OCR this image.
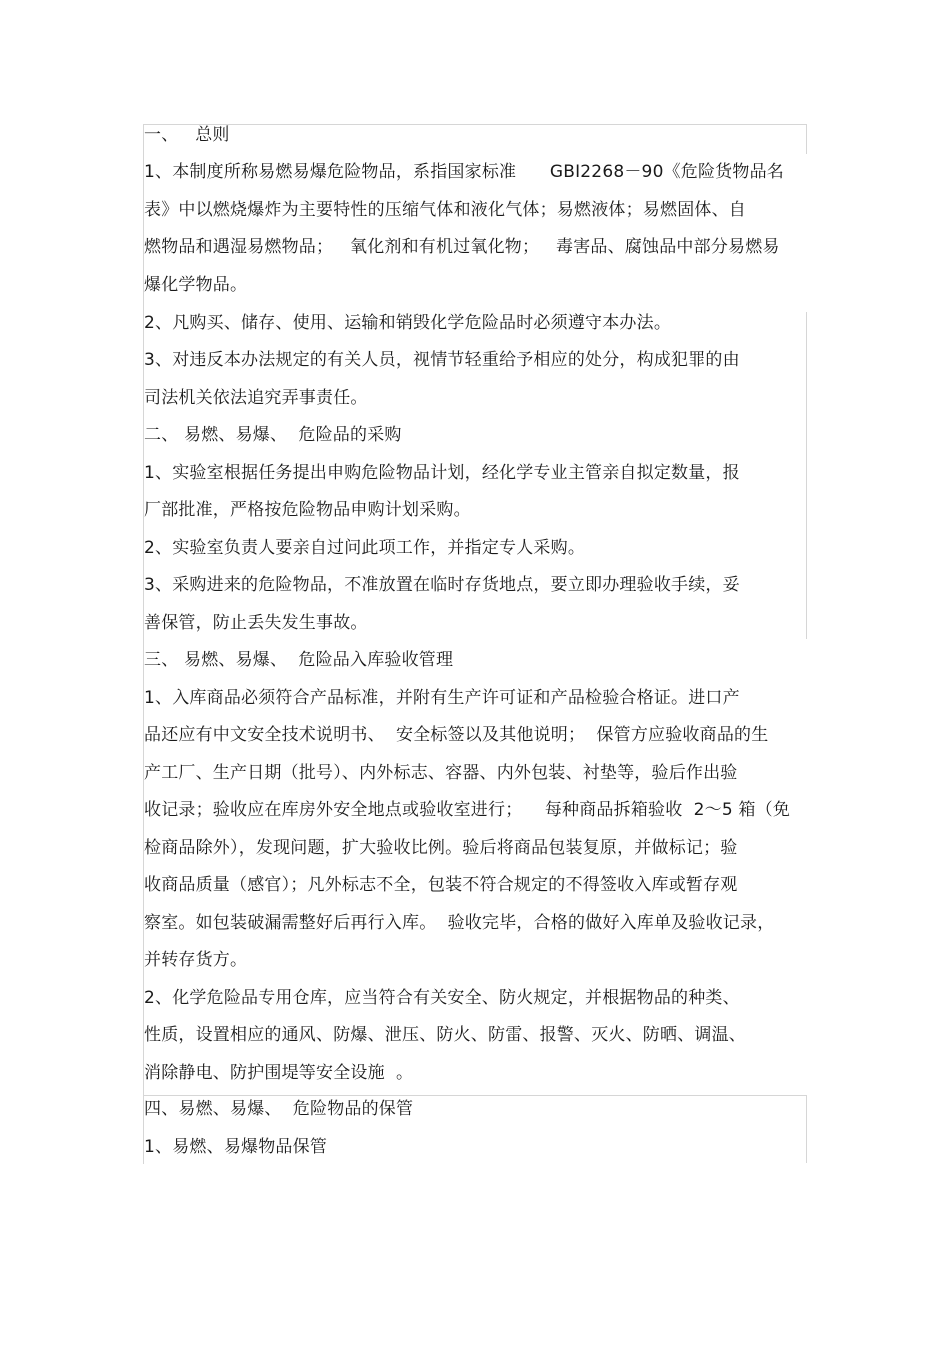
一、   总则
1、本制度所称易燃易爆危险物品，系指国家标准      GBI2268－90《危险货物品名
表》中以燃烧爆炸为主要特性的压缩气体和液化气体；易燃液体；易燃固体、自
燃物品和遇湿易燃物品；   氧化剂和有机过氧化物；   毒害品、腐蚀品中部分易燃易
爆化学物品。
2、凡购买、储存、使用、运输和销毁化学危险品时必须遵守本办法。
3、对违反本办法规定的有关人员，视情节轻重给予相应的处分，构成犯罪的由
司法机关依法追究弄事责任。
二、 易燃、易爆、  危险品的采购
1、实验室根据任务提出申购危险物品计划，经化学专业主管亲自拟定数量，报
厂部批准，严格按危险物品申购计划采购。
2、实验室负责人要亲自过问此项工作，并指定专人采购。
3、采购进来的危险物品，不准放置在临时存货地点，要立即办理验收手续，妥
善保管，防止丢失发生事故。
三、 易燃、易爆、  危险品入库验收管理
1、入库商品必须符合产品标准，并附有生产许可证和产品检验合格证。进口产
品还应有中文安全技术说明书、  安全标签以及其他说明；  保管方应验收商品的生
产工厂、生产日期（批号）、内外标志、容器、内外包装、衬垫等，验后作出验
收记录；验收应在库房外安全地点或验收室进行；    每种商品拆箱验收  2～5 箱（免
检商品除外），发现问题，扩大验收比例。验后将商品包装复原，并做标记；验
收商品质量（感官）；凡外标志不全，包装不符合规定的不得签收入库或暂存观
察室。如包装破漏需整好后再行入库。  验收完毕，合格的做好入库单及验收记录，
并转存货方。
2、化学危险品专用仓库，应当符合有关安全、防火规定，并根据物品的种类、
性质，设置相应的通风、防爆、泄压、防火、防雷、报警、灭火、防晒、调温、
消除静电、防护围堤等安全设施  。
四、易燃、易爆、  危险物品的保管
1、易燃、易爆物品保管
